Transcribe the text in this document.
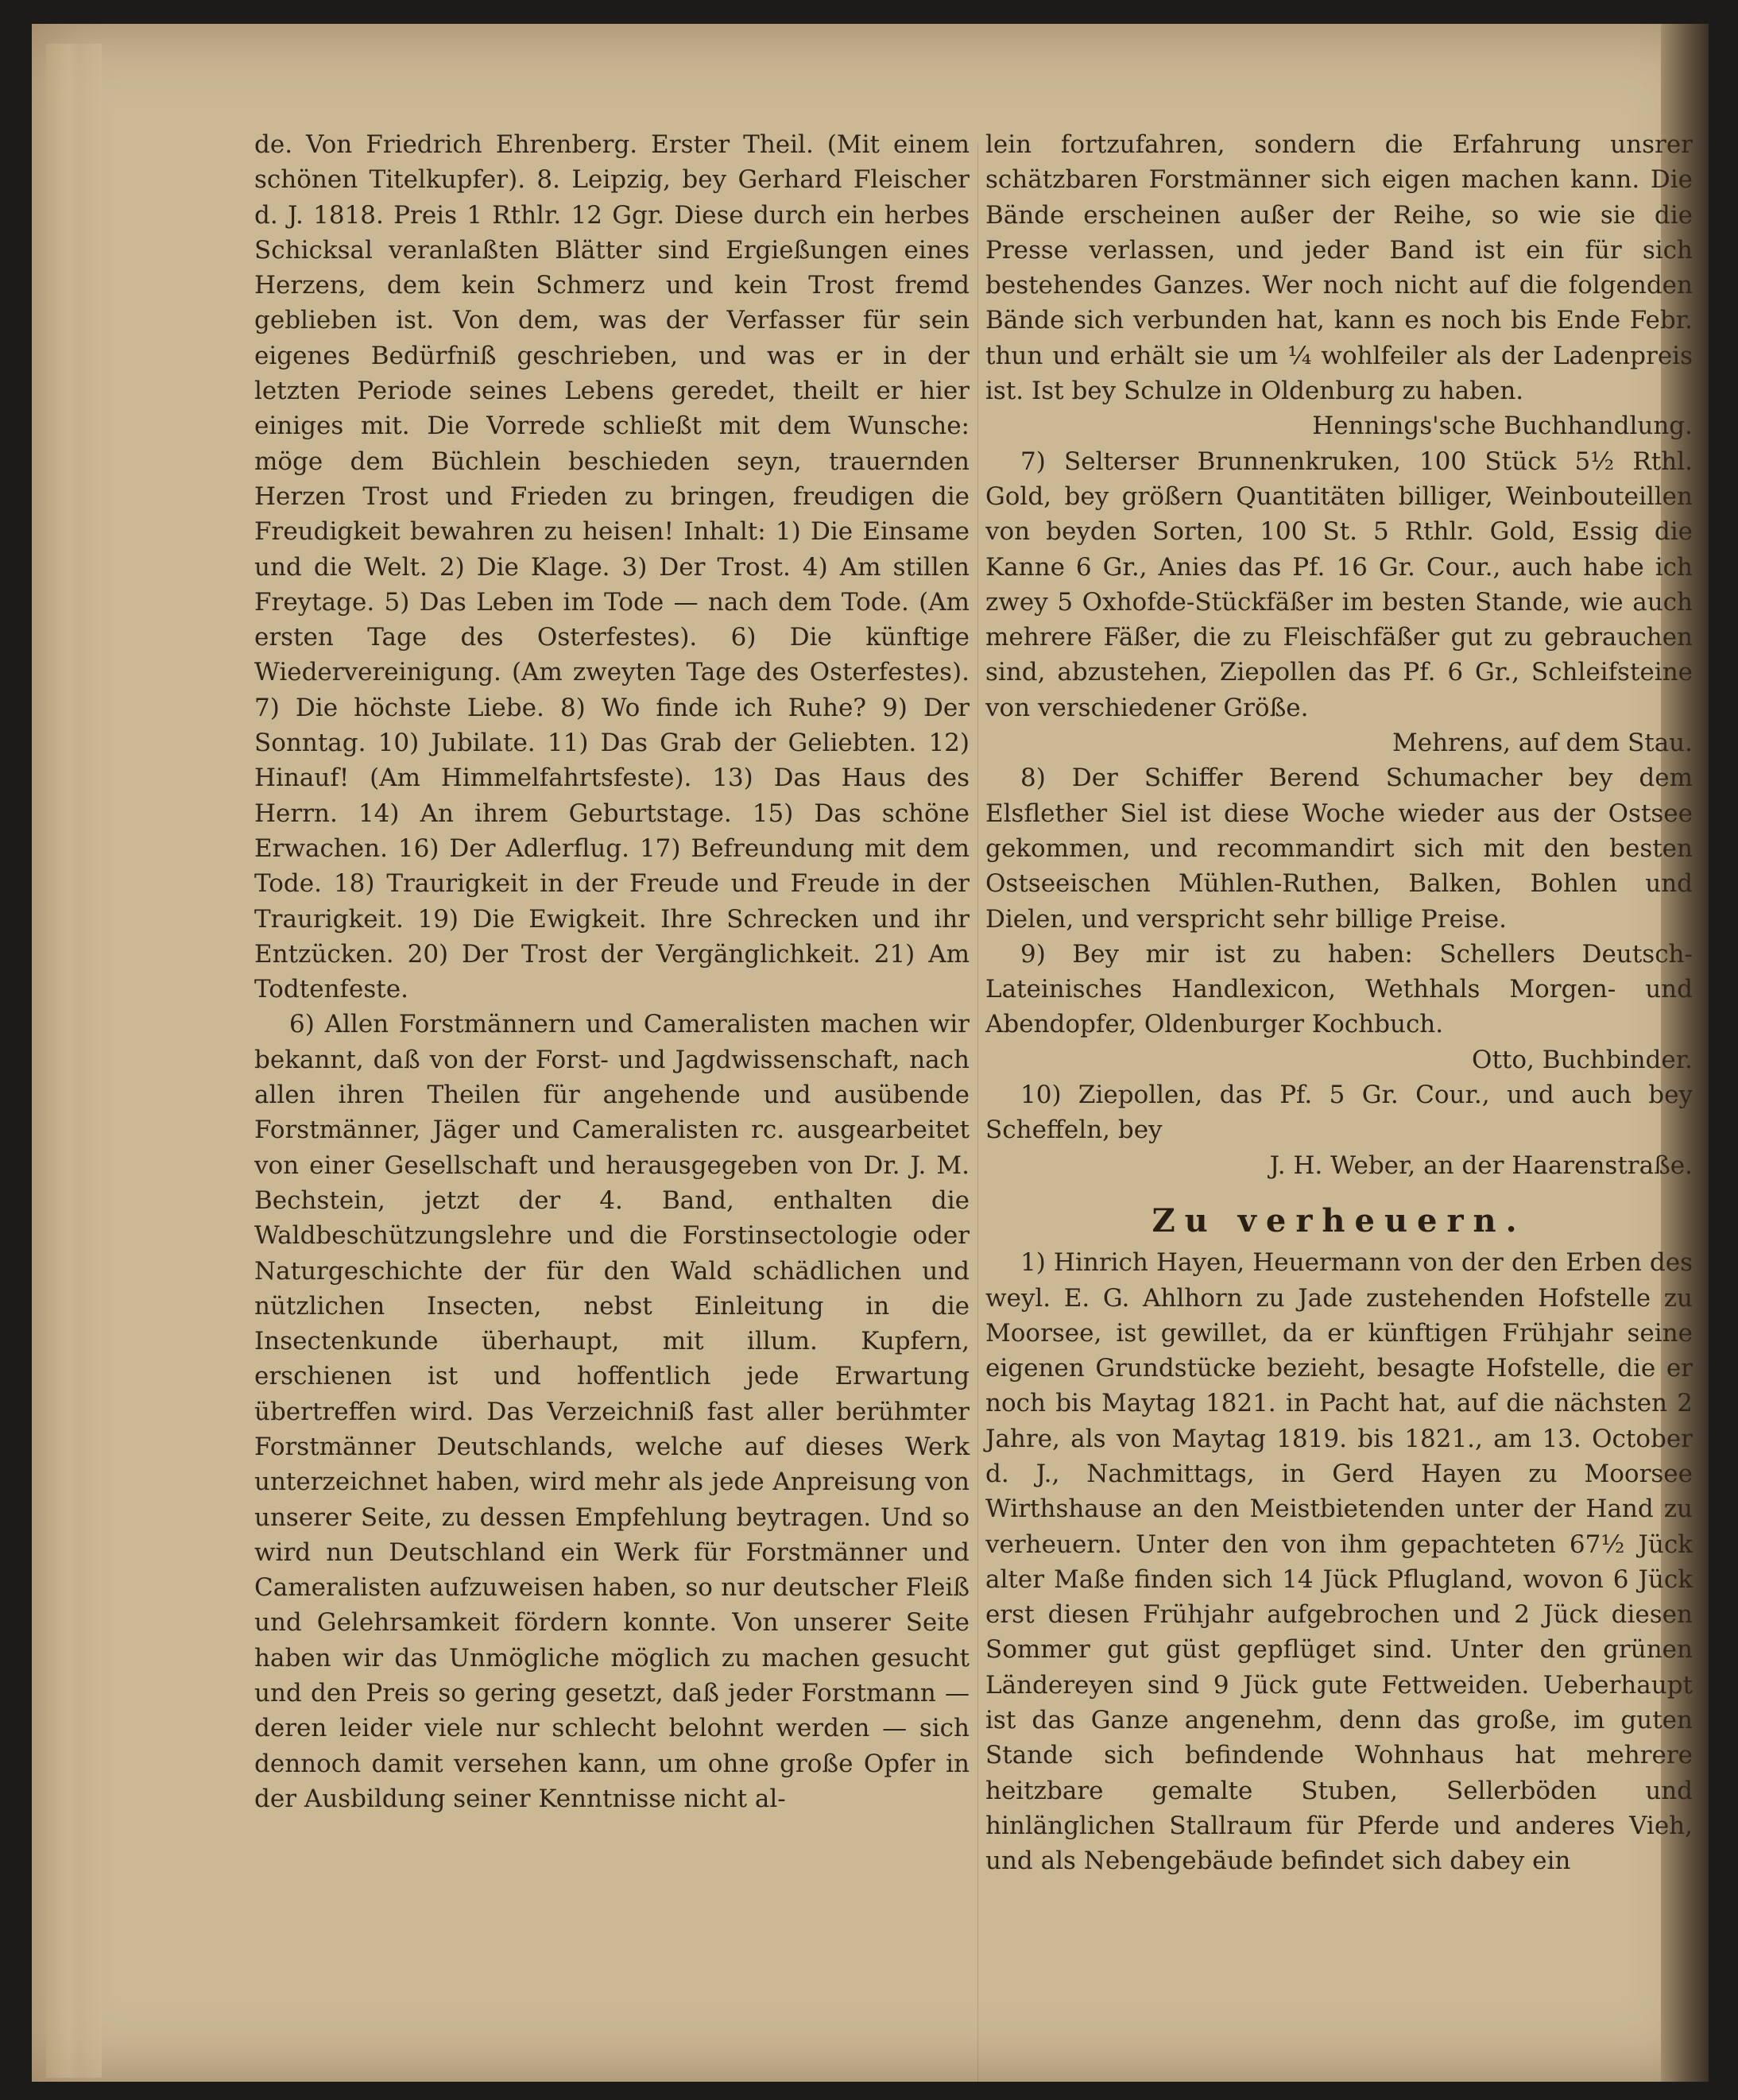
de. Von Friedrich Ehrenberg. Erster Theil. (Mit einem schönen Titelkupfer). 8. Leipzig, bey Gerhard Fleischer d. J. 1818. Preis 1 Rthlr. 12 Ggr. Diese durch ein herbes Schicksal veranlaßten Blätter sind Ergießungen eines Herzens, dem kein Schmerz und kein Trost fremd geblieben ist. Von dem, was der Verfasser für sein eigenes Bedürfniß geschrieben, und was er in der letzten Periode seines Lebens geredet, theilt er hier einiges mit. Die Vorrede schließt mit dem Wunsche: möge dem Büchlein beschieden seyn, trauernden Herzen Trost und Frieden zu bringen, freudigen die Freudigkeit bewahren zu heisen! Inhalt: 1) Die Einsame und die Welt. 2) Die Klage. 3) Der Trost. 4) Am stillen Freytage. 5) Das Leben im Tode — nach dem Tode. (Am ersten Tage des Osterfestes). 6) Die künftige Wiedervereinigung. (Am zweyten Tage des Osterfestes). 7) Die höchste Liebe. 8) Wo finde ich Ruhe? 9) Der Sonntag. 10) Jubilate. 11) Das Grab der Geliebten. 12) Hinauf! (Am Himmelfahrtsfeste). 13) Das Haus des Herrn. 14) An ihrem Geburtstage. 15) Das schöne Erwachen. 16) Der Adlerflug. 17) Befreundung mit dem Tode. 18) Traurigkeit in der Freude und Freude in der Traurigkeit. 19) Die Ewigkeit. Ihre Schrecken und ihr Entzücken. 20) Der Trost der Vergänglichkeit. 21) Am Todtenfeste.

6) Allen Forstmännern und Cameralisten machen wir bekannt, daß von der Forst- und Jagdwissenschaft, nach allen ihren Theilen für angehende und ausübende Forstmänner, Jäger und Cameralisten rc. ausgearbeitet von einer Gesellschaft und herausgegeben von Dr. J. M. Bechstein, jetzt der 4. Band, enthalten die Waldbeschützungslehre und die Forstinsectologie oder Naturgeschichte der für den Wald schädlichen und nützlichen Insecten, nebst Einleitung in die Insectenkunde überhaupt, mit illum. Kupfern, erschienen ist und hoffentlich jede Erwartung übertreffen wird. Das Verzeichniß fast aller berühmter Forstmänner Deutschlands, welche auf dieses Werk unterzeichnet haben, wird mehr als jede Anpreisung von unserer Seite, zu dessen Empfehlung beytragen. Und so wird nun Deutschland ein Werk für Forstmänner und Cameralisten aufzuweisen haben, so nur deutscher Fleiß und Gelehrsamkeit fördern konnte. Von unserer Seite haben wir das Unmögliche möglich zu machen gesucht und den Preis so gering gesetzt, daß jeder Forstmann — deren leider viele nur schlecht belohnt werden — sich dennoch damit versehen kann, um ohne große Opfer in der Ausbildung seiner Kenntnisse nicht al-

lein fortzufahren, sondern die Erfahrung unsrer schätzbaren Forstmänner sich eigen machen kann. Die Bände erscheinen außer der Reihe, so wie sie die Presse verlassen, und jeder Band ist ein für sich bestehendes Ganzes. Wer noch nicht auf die folgenden Bände sich verbunden hat, kann es noch bis Ende Febr. thun und erhält sie um ¼ wohlfeiler als der Ladenpreis ist. Ist bey Schulze in Oldenburg zu haben.

Hennings'sche Buchhandlung.

7) Selterser Brunnenkruken, 100 Stück 5½ Rthl. Gold, bey größern Quantitäten billiger, Weinbouteillen von beyden Sorten, 100 St. 5 Rthlr. Gold, Essig die Kanne 6 Gr., Anies das Pf. 16 Gr. Cour., auch habe ich zwey 5 Oxhofde-Stückfäßer im besten Stande, wie auch mehrere Fäßer, die zu Fleischfäßer gut zu gebrauchen sind, abzustehen, Ziepollen das Pf. 6 Gr., Schleifsteine von verschiedener Größe.

Mehrens, auf dem Stau.

8) Der Schiffer Berend Schumacher bey dem Elsflether Siel ist diese Woche wieder aus der Ostsee gekommen, und recommandirt sich mit den besten Ostseeischen Mühlen-Ruthen, Balken, Bohlen und Dielen, und verspricht sehr billige Preise.

9) Bey mir ist zu haben: Schellers Deutsch-Lateinisches Handlexicon, Wethhals Morgen- und Abendopfer, Oldenburger Kochbuch.

Otto, Buchbinder.

10) Ziepollen, das Pf. 5 Gr. Cour., und auch bey Scheffeln, bey

J. H. Weber, an der Haarenstraße.

Zu verheuern.

1) Hinrich Hayen, Heuermann von der den Erben des weyl. E. G. Ahlhorn zu Jade zustehenden Hofstelle zu Moorsee, ist gewillet, da er künftigen Frühjahr seine eigenen Grundstücke bezieht, besagte Hofstelle, die er noch bis Maytag 1821. in Pacht hat, auf die nächsten 2 Jahre, als von Maytag 1819. bis 1821., am 13. October d. J., Nachmittags, in Gerd Hayen zu Moorsee Wirthshause an den Meistbietenden unter der Hand zu verheuern. Unter den von ihm gepachteten 67½ Jück alter Maße finden sich 14 Jück Pflugland, wovon 6 Jück erst diesen Frühjahr aufgebrochen und 2 Jück diesen Sommer gut güst gepflüget sind. Unter den grünen Ländereyen sind 9 Jück gute Fettweiden. Ueberhaupt ist das Ganze angenehm, denn das große, im guten Stande sich befindende Wohnhaus hat mehrere heitzbare gemalte Stuben, Sellerböden und hinlänglichen Stallraum für Pferde und anderes Vieh, und als Nebengebäude befindet sich dabey ein
